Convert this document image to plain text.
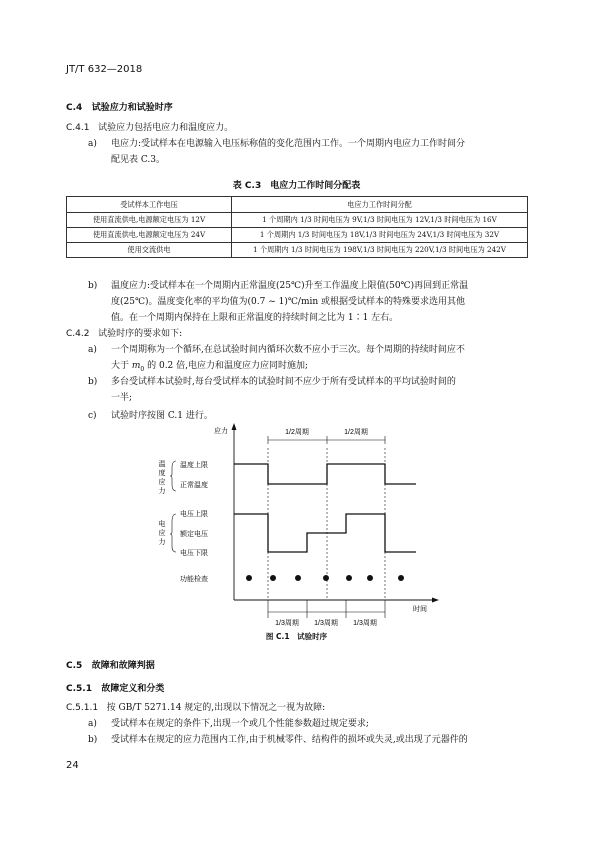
JT/T 632—2018
C.4 试验应力和试验时序
C.4.1 试验应力包括电应力和温度应力。
a) 电应力:受试样本在电源输入电压标称值的变化范围内工作。一个周期内电应力工作时间分
配见表 C.3。
表 C.3　电应力工作时间分配表
受试样本工作电压	电应力工作时间分配
使用直流供电,电源额定电压为 12V	1 个周期内 1/3 时间电压为 9V,1/3 时间电压为 12V,1/3 时间电压为 16V
使用直流供电,电源额定电压为 24V	1 个周期内 1/3 时间电压为 18V,1/3 时间电压为 24V,1/3 时间电压为 32V
使用交流供电	1 个周期内 1/3 时间电压为 198V,1/3 时间电压为 220V,1/3 时间电压为 242V
b) 温度应力:受试样本在一个周期内正常温度(25℃)升至工作温度上限值(50℃)再回到正常温
度(25℃)。温度变化率的平均值为(0.7 ~ 1)℃/min 或根据受试样本的特殊要求选用其他
值。在一个周期内保持在上限和正常温度的持续时间之比为 1∶1 左右。
C.4.2 试验时序的要求如下:
a) 一个周期称为一个循环,在总试验时间内循环次数不应小于三次。每个周期的持续时间应不
大于 $m_0$ 的 0.2 倍,电应力和温度应力应同时施加;
b) 多台受试样本试验时,每台受试样本的试验时间不应少于所有受试样本的平均试验时间的
一半;
c) 试验时序按图 C.1 进行。
应力
时间
1/2周期	1/2周期
温
度
应
力
温度上限
正常温度
电
应
力
电压上限
额定电压
电压下限
功能检查
1/3周期 1/3周期 1/3周期
图 C.1　试验时序
C.5 故障和故障判据
C.5.1 故障定义和分类
C.5.1.1 按 GB/T 5271.14 规定的,出现以下情况之一视为故障:
a) 受试样本在规定的条件下,出现一个或几个性能参数超过规定要求;
b) 受试样本在规定的应力范围内工作,由于机械零件、结构件的损坏或失灵,或出现了元器件的
24
